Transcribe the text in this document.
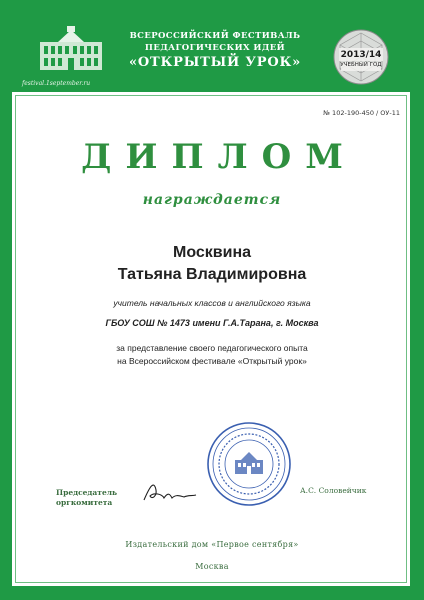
festival.1september.ru
ВСЕРОССИЙСКИЙ ФЕСТИВАЛЬ
ПЕДАГОГИЧЕСКИХ ИДЕЙ
«ОТКРЫТЫЙ УРОК»	2013/14
УЧЕБНЫЙ ГОД
№ 102-190-450 / ОУ-11
ДИПЛОМ
награждается
Москвина
Татьяна Владимировна
учитель начальных классов и английского языка
ГБОУ СОШ № 1473 имени Г.А.Тарана, г. Москва
за представление своего педагогического опыта
на Всероссийском фестивале «Открытый урок»
Председатель
оргкомитета
А.С. Соловейчик
Издательский дом «Первое сентября»
Москва
